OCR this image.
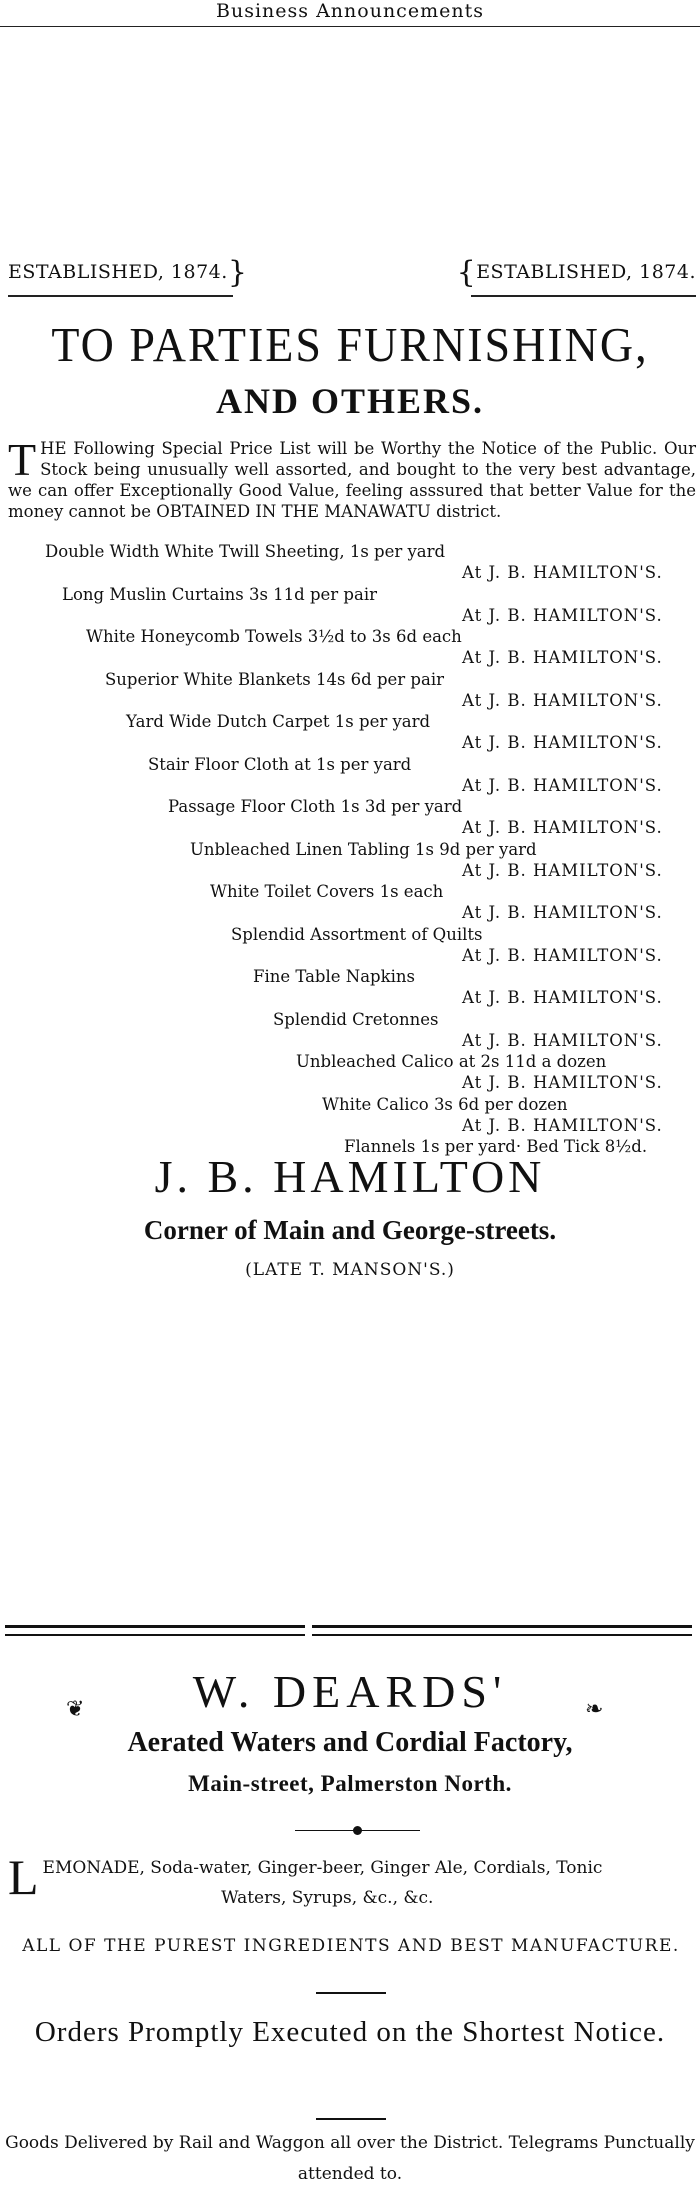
Business Announcements
ESTABLISHED, 1874.}	{ESTABLISHED, 1874.
TO PARTIES FURNISHING,
AND OTHERS.
T HE Following Special Price List will be Worthy the Notice of the Public. Our Stock being unusually well assorted, and bought to the very best advantage, we can offer Exceptionally Good Value, feeling asssured that better Value for the money cannot be OBTAINED IN THE MANAWATU district.
Double Width White Twill Sheeting, 1s per yard
At J. B. HAMILTON'S.
Long Muslin Curtains 3s 11d per pair
At J. B. HAMILTON'S.
White Honeycomb Towels 3½d to 3s 6d each
At J. B. HAMILTON'S.
Superior White Blankets 14s 6d per pair
At J. B. HAMILTON'S.
Yard Wide Dutch Carpet 1s per yard
At J. B. HAMILTON'S.
Stair Floor Cloth at 1s per yard
At J. B. HAMILTON'S.
Passage Floor Cloth 1s 3d per yard
At J. B. HAMILTON'S.
Unbleached Linen Tabling 1s 9d per yard
At J. B. HAMILTON'S.
White Toilet Covers 1s each
At J. B. HAMILTON'S.
Splendid Assortment of Quilts
At J. B. HAMILTON'S.
Fine Table Napkins
At J. B. HAMILTON'S.
Splendid Cretonnes
At J. B. HAMILTON'S.
Unbleached Calico at 2s 11d a dozen
At J. B. HAMILTON'S.
White Calico 3s 6d per dozen
At J. B. HAMILTON'S.
Flannels 1s per yard· Bed Tick 8½d.
J. B. HAMILTON
Corner of Main and George-streets.
(LATE T. MANSON'S.)
W. DEARDS'
❦	❧
Aerated Waters and Cordial Factory,
Main-street, Palmerston North.
L EMONADE, Soda-water, Ginger-beer, Ginger Ale, Cordials, Tonic
Waters, Syrups, &c., &c.
ALL OF THE PUREST INGREDIENTS AND BEST MANUFACTURE.
Orders Promptly Executed on the Shortest Notice.
Goods Delivered by Rail and Waggon all over the District. Telegrams Punctually attended to.
